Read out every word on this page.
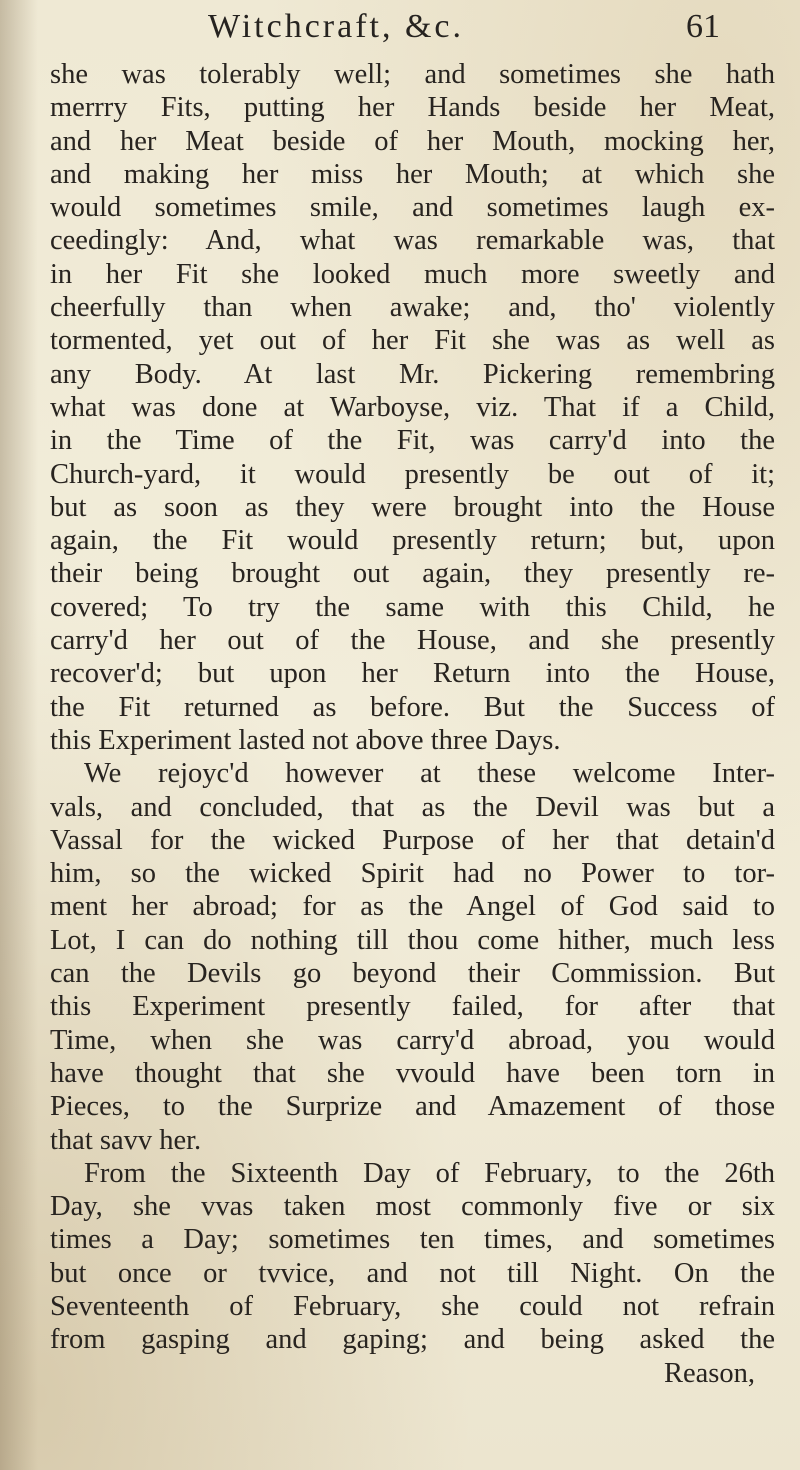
Witchcraft, &c.	61
she was tolerably well; and sometimes she hath
merrry Fits, putting her Hands beside her Meat,
and her Meat beside of her Mouth, mocking her,
and making her miss her Mouth; at which she
would sometimes smile, and sometimes laugh ex-
ceedingly: And, what was remarkable was, that
in her Fit she looked much more sweetly and
cheerfully than when awake; and, tho' violently
tormented, yet out of her Fit she was as well as
any Body. At last Mr. Pickering remembring
what was done at Warboyse, viz. That if a Child,
in the Time of the Fit, was carry'd into the
Church-yard, it would presently be out of it;
but as soon as they were brought into the House
again, the Fit would presently return; but, upon
their being brought out again, they presently re-
covered; To try the same with this Child, he
carry'd her out of the House, and she presently
recover'd; but upon her Return into the House,
the Fit returned as before. But the Success of
this Experiment lasted not above three Days.
We rejoyc'd however at these welcome Inter-
vals, and concluded, that as the Devil was but a
Vassal for the wicked Purpose of her that detain'd
him, so the wicked Spirit had no Power to tor-
ment her abroad; for as the Angel of God said to
Lot, I can do nothing till thou come hither, much less
can the Devils go beyond their Commission. But
this Experiment presently failed, for after that
Time, when she was carry'd abroad, you would
have thought that she vvould have been torn in
Pieces, to the Surprize and Amazement of those
that savv her.
From the Sixteenth Day of February, to the 26th
Day, she vvas taken most commonly five or six
times a Day; sometimes ten times, and sometimes
but once or tvvice, and not till Night. On the
Seventeenth of February, she could not refrain
from gasping and gaping; and being asked the
Reason,
